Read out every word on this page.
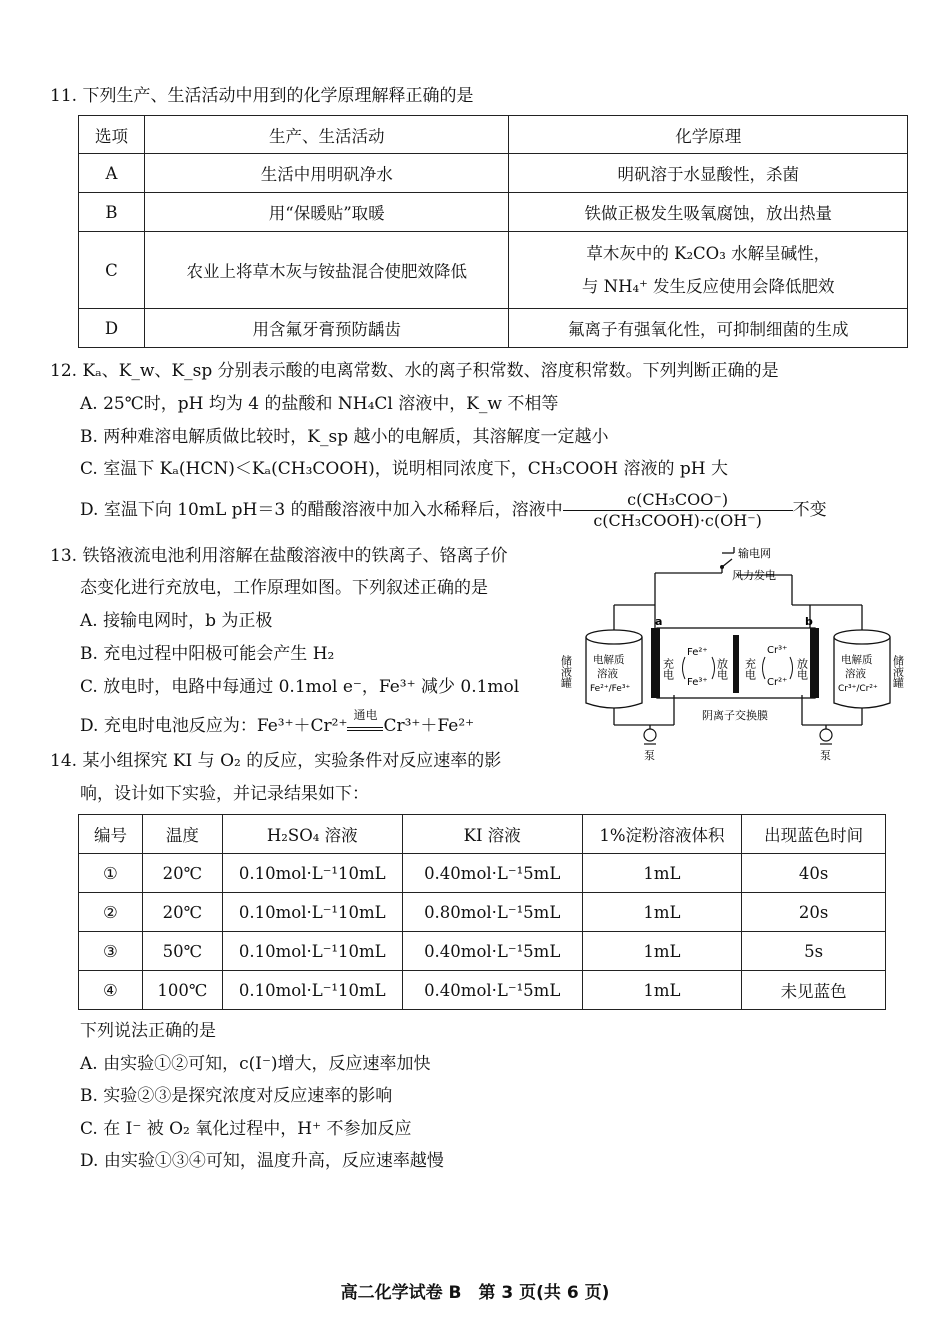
11. 下列生产、生活活动中用到的化学原理解释正确的是
选项	生产、生活活动	化学原理
A	生活中用明矾净水	明矾溶于水显酸性，杀菌
B	用“保暖贴”取暖	铁做正极发生吸氧腐蚀，放出热量
C	农业上将草木灰与铵盐混合使肥效降低	草木灰中的 K₂CO₃ 水解呈碱性，
与 NH₄⁺ 发生反应使用会降低肥效

D	用含氟牙膏预防龋齿	氟离子有强氧化性，可抑制细菌的生成
12. Kₐ、K_w、K_sp 分别表示酸的电离常数、水的离子积常数、溶度积常数。下列判断正确的是
A. 25℃时，pH 均为 4 的盐酸和 NH₄Cl 溶液中，K_w 不相等
B. 两种难溶电解质做比较时，K_sp 越小的电解质，其溶解度一定越小
C. 室温下 Kₐ(HCN)＜Kₐ(CH₃COOH)，说明相同浓度下，CH₃COOH 溶液的 pH 大
D. 室温下向 10mL pH＝3 的醋酸溶液中加入水稀释后，溶液中 $\frac{\text{c(CH₃COO⁻)}}{\text{c(CH₃COOH)·c(OH⁻)}}$ 不变
13. 铁铬液流电池利用溶解在盐酸溶液中的铁离子、铬离子价
态变化进行充放电，工作原理如图。下列叙述正确的是
A. 接输电网时，b 为正极
B. 充电过程中阳极可能会产生 H₂
C. 放电时，电路中每通过 0.1mol e⁻，Fe³⁺ 减少 0.1mol
D. 充电时电池反应为：Fe³⁺＋Cr²⁺
通电
Cr³⁺＋Fe²⁺
输电网
风力发电
a	b
充电
Fe²⁺
Fe³⁺
放电 充电
Cr³⁺
Cr²⁺
放电
阴离子交换膜
电解质
溶液
Fe²⁺/Fe³⁺
储液罐	电解质
溶液
Cr³⁺/Cr²⁺
储液罐
泵	泵
14. 某小组探究 KI 与 O₂ 的反应，实验条件对反应速率的影
响，设计如下实验，并记录结果如下：
编号	温度	H₂SO₄ 溶液	KI 溶液	1%淀粉溶液体积	出现蓝色时间
①	20℃	0.10mol·L⁻¹10mL	0.40mol·L⁻¹5mL	1mL	40s
②	20℃	0.10mol·L⁻¹10mL	0.80mol·L⁻¹5mL	1mL	20s
③	50℃	0.10mol·L⁻¹10mL	0.40mol·L⁻¹5mL	1mL	5s
④	100℃	0.10mol·L⁻¹10mL	0.40mol·L⁻¹5mL	1mL	未见蓝色
下列说法正确的是
A. 由实验①②可知，c(I⁻)增大，反应速率加快
B. 实验②③是探究浓度对反应速率的影响
C. 在 I⁻ 被 O₂ 氧化过程中，H⁺ 不参加反应
D. 由实验①③④可知，温度升高，反应速率越慢
高二化学试卷 B　第 3 页(共 6 页)
